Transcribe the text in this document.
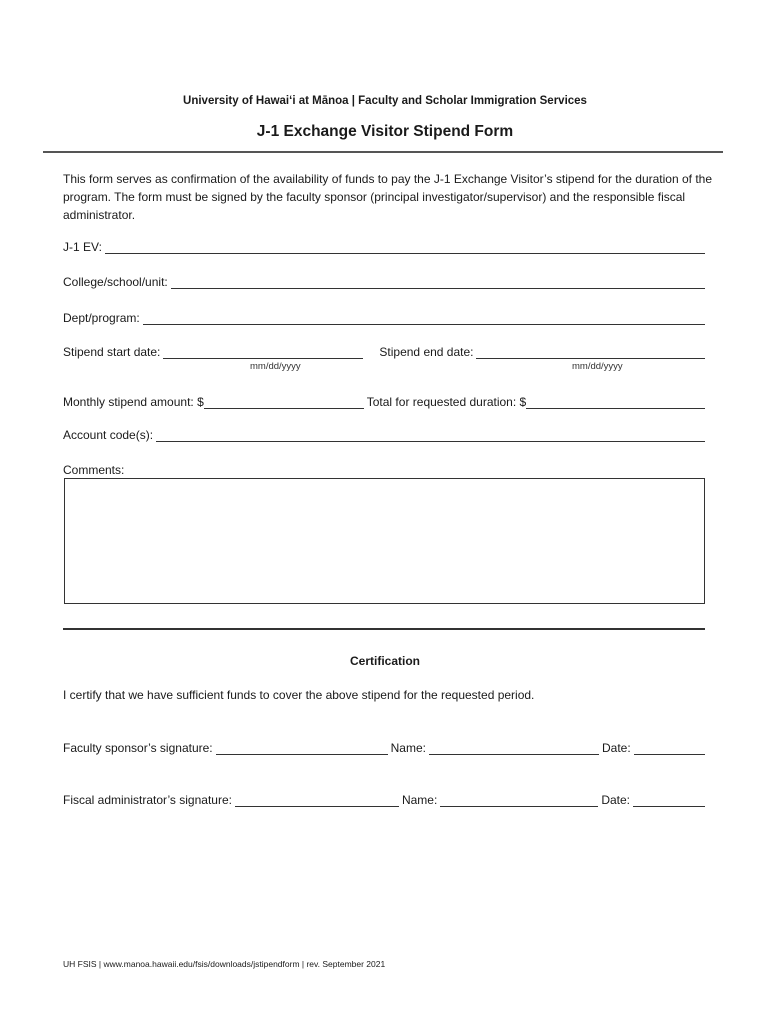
University of Hawaiʻi at Mānoa | Faculty and Scholar Immigration Services
J-1 Exchange Visitor Stipend Form
This form serves as confirmation of the availability of funds to pay the J-1 Exchange Visitor’s stipend for the duration of the program. The form must be signed by the faculty sponsor (principal investigator/supervisor) and the responsible fiscal administrator.
J-1 EV:
College/school/unit:
Dept/program:
Stipend start date:	Stipend end date:
mm/dd/yyyy	mm/dd/yyyy
Monthly stipend amount: $	Total for requested duration: $
Account code(s):
Comments:
Certification
I certify that we have sufficient funds to cover the above stipend for the requested period.
Faculty sponsor’s signature:	Name:	Date:
Fiscal administrator’s signature:	Name:	Date:
UH FSIS | www.manoa.hawaii.edu/fsis/downloads/jstipendform | rev. September 2021
